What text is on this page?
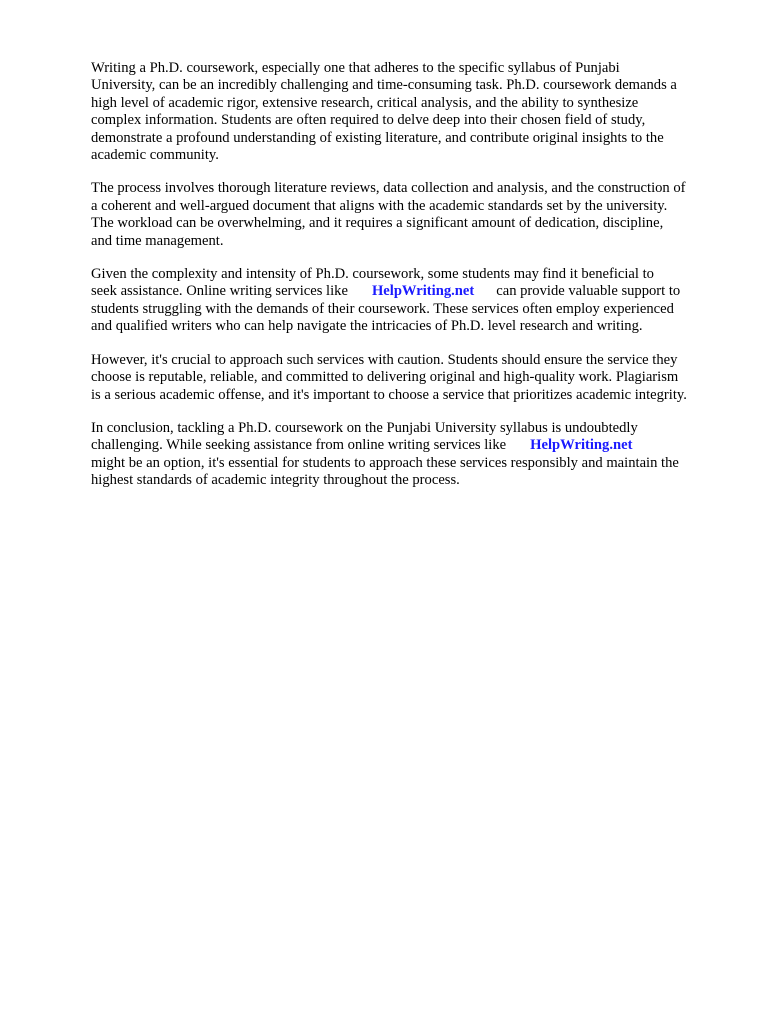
Writing a Ph.D. coursework, especially one that adheres to the specific syllabus of Punjabi
University, can be an incredibly challenging and time-consuming task. Ph.D. coursework demands a
high level of academic rigor, extensive research, critical analysis, and the ability to synthesize
complex information. Students are often required to delve deep into their chosen field of study,
demonstrate a profound understanding of existing literature, and contribute original insights to the
academic community.

The process involves thorough literature reviews, data collection and analysis, and the construction of
a coherent and well-argued document that aligns with the academic standards set by the university.
The workload can be overwhelming, and it requires a significant amount of dedication, discipline,
and time management.

Given the complexity and intensity of Ph.D. coursework, some students may find it beneficial to
seek assistance. Online writing services like HelpWriting.net can provide valuable support to
students struggling with the demands of their coursework. These services often employ experienced
and qualified writers who can help navigate the intricacies of Ph.D. level research and writing.

However, it's crucial to approach such services with caution. Students should ensure the service they
choose is reputable, reliable, and committed to delivering original and high-quality work. Plagiarism
is a serious academic offense, and it's important to choose a service that prioritizes academic integrity.

In conclusion, tackling a Ph.D. coursework on the Punjabi University syllabus is undoubtedly
challenging. While seeking assistance from online writing services like HelpWriting.net
might be an option, it's essential for students to approach these services responsibly and maintain the
highest standards of academic integrity throughout the process.
